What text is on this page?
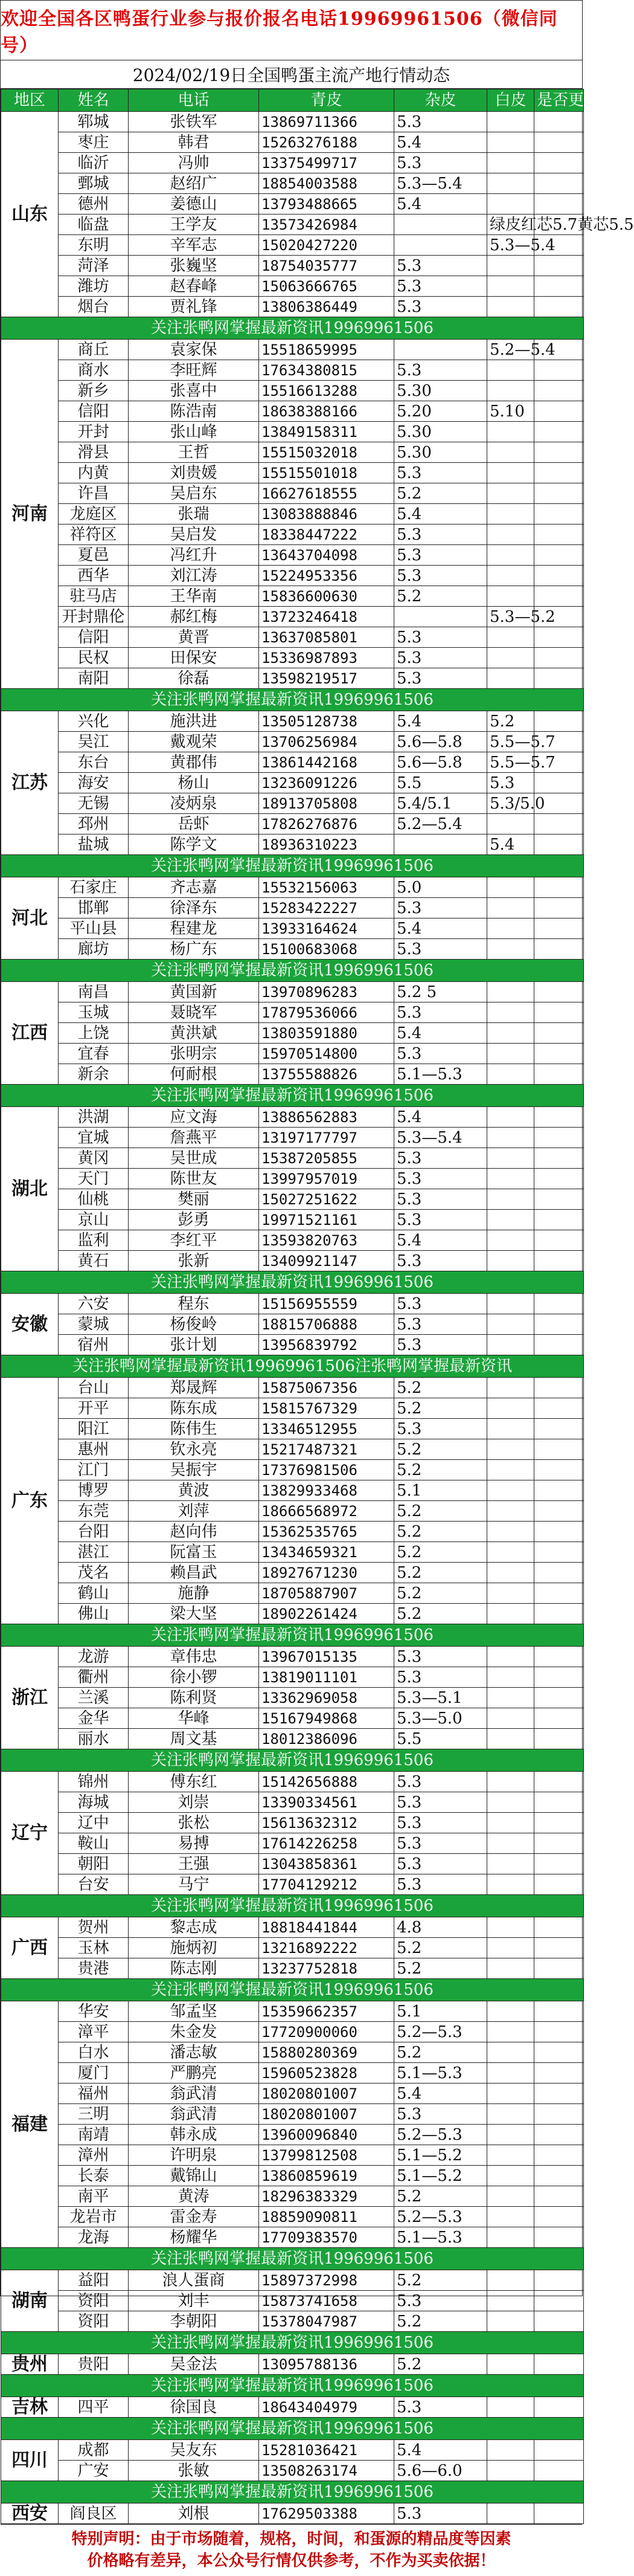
欢迎全国各区鸭蛋行业参与报价报名电话19969961506（微信同号）
2024/02/19日全国鸭蛋主流产地行情动态
地区	姓名	电话	青皮	杂皮	白皮	是否更新	
山东	郓城	张铁军	13869711366	5.3			
	枣庄	韩君	15263276188	5.4			
	临沂	冯帅	13375499717	5.3			
	鄄城	赵绍广	18854003588	5.3—5.4			
	德州	姜德山	13793488665	5.4			
	临盘	王学友	13573426984		绿皮红芯5.7黄芯5.5		
	东明	辛军志	15020427220		5.3—5.4		
	菏泽	张巍坚	18754035777	5.3			
	潍坊	赵春峰	15063666765	5.3			
	烟台	贾礼锋	13806386449	5.3			
关注张鸭网掌握最新资讯19969961506							
河南	商丘	袁家保	15518659995		5.2—5.4		
	商水	李旺辉	17634380815	5.3			
	新乡	张喜中	15516613288	5.30			
	信阳	陈浩南	18638388166	5.20	5.10		
	开封	张山峰	13849158311	5.30			
	滑县	王哲	15515032018	5.30			
	内黄	刘贵媛	15515501018	5.3			
	许昌	吴启东	16627618555	5.2			
	龙庭区	张瑞	13083888846	5.4			
	祥符区	吴启发	18338447222	5.3			
	夏邑	冯红升	13643704098	5.3			
	西华	刘江涛	15224953356	5.3			
	驻马店	王华南	15836600630	5.2			
	开封鼎伦	郝红梅	13723246418		5.3—5.2		
	信阳	黄晋	13637085801	5.3			
	民权	田保安	15336987893	5.3			
	南阳	徐磊	13598219517	5.3			
关注张鸭网掌握最新资讯19969961506							
江苏	兴化	施洪进	13505128738	5.4	5.2		
	吴江	戴观荣	13706256984	5.6—5.8	5.5—5.7		
	东台	黄郡伟	13861442168	5.6—5.8	5.5—5.7		
	海安	杨山	13236091226	5.5	5.3		
	无锡	凌炳泉	18913705808	5.4/5.1	5.3/5.0		
	邳州	岳虾	17826276876	5.2—5.4			
	盐城	陈学文	18936310223		5.4		
关注张鸭网掌握最新资讯19969961506							
河北	石家庄	齐志嘉	15532156063	5.0			
	邯郸	徐泽东	15283422227	5.3			
	平山县	程建龙	13933164624	5.4			
	廊坊	杨广东	15100683068	5.3			
关注张鸭网掌握最新资讯19969961506							
江西	南昌	黄国新	13970896283	5.2 5			
	玉城	聂晓军	17879536066	5.3			
	上饶	黄洪斌	13803591880	5.4			
	宜春	张明宗	15970514800	5.3			
	新余	何耐根	13755588826	5.1—5.3			
关注张鸭网掌握最新资讯19969961506							
湖北	洪湖	应文海	13886562883	5.4			
	宜城	詹燕平	13197177797	5.3—5.4			
	黄冈	吴世成	15387205855	5.3			
	天门	陈世友	13997957019	5.3			
	仙桃	樊丽	15027251622	5.3			
	京山	彭勇	19971521161	5.3			
	监利	李红平	13593820763	5.4			
	黄石	张新	13409921147	5.3			
关注张鸭网掌握最新资讯19969961506							
安徽	六安	程东	15156955559	5.3			
	蒙城	杨俊岭	18815706888	5.3			
	宿州	张计划	13956839792	5.3			
关注张鸭网掌握最新资讯19969961506注张鸭网掌握最新资讯							
广东	台山	郑晟辉	15875067356	5.2			
	开平	陈东成	15815767329	5.2			
	阳江	陈伟生	13346512955	5.3			
	惠州	钦永亮	15217487321	5.2			
	江门	吴振宇	17376981506	5.2			
	博罗	黄波	13829933468	5.1			
	东莞	刘萍	18666568972	5.2			
	台阳	赵向伟	15362535765	5.2			
	湛江	阮富玉	13434659321	5.2			
	茂名	赖昌武	18927671230	5.2			
	鹤山	施静	18705887907	5.2			
	佛山	梁大坚	18902261424	5.2			
关注张鸭网掌握最新资讯19969961506							
浙江	龙游	章伟忠	13967015135	5.3			
	衢州	徐小锣	13819011101	5.3			
	兰溪	陈利贤	13362969058	5.3—5.1			
	金华	华峰	15167949868	5.3—5.0			
	丽水	周文基	18012386096	5.5			
关注张鸭网掌握最新资讯19969961506							
辽宁	锦州	傅东红	15142656888	5.3			
	海城	刘崇	13390334561	5.3			
	辽中	张松	15613632312	5.3			
	鞍山	易搏	17614226258	5.3			
	朝阳	王强	13043858361	5.3			
	台安	马宁	17704129212	5.3			
关注张鸭网掌握最新资讯19969961506							
广西	贺州	黎志成	18818441844	4.8			
	玉林	施炳初	13216892222	5.2			
	贵港	陈志刚	13237752818	5.2			
关注张鸭网掌握最新资讯19969961506							
福建	华安	邹孟坚	15359662357	5.1			
	漳平	朱金发	17720900060	5.2—5.3			
	白水	潘志敏	15880280369	5.2			
	厦门	严鹏亮	15960523828	5.1—5.3			
	福州	翁武清	18020801007	5.4			
	三明	翁武清	18020801007	5.3			
	南靖	韩永成	13960096840	5.2—5.3			
	漳州	许明泉	13799812508	5.1—5.2			
	长泰	戴锦山	13860859619	5.1—5.2			
	南平	黄涛	18296383329	5.2			
	龙岩市	雷金寿	18859090811	5.2—5.3			
	龙海	杨耀华	17709383570	5.1—5.3			
关注张鸭网掌握最新资讯19969961506							
湖南	益阳	浪人蛋商	15897372998	5.2			
	资阳	刘丰	15873741658	5.3			
	资阳	李朝阳	15378047987	5.2			
关注张鸭网掌握最新资讯19969961506							
贵州	贵阳	吴金法	13095788136	5.2			
关注张鸭网掌握最新资讯19969961506							
吉林	四平	徐国良	18643404979	5.3			
关注张鸭网掌握最新资讯19969961506							
四川	成都	吴友东	15281036421	5.4			
	广安	张敏	13508263174	5.6—6.0			
关注张鸭网掌握最新资讯19969961506							
西安	阎良区	刘根	17629503388	5.3			
特别声明：由于市场随着，规格，时间，和蛋源的精品度等因素
价格略有差异，本公众号行情仅供参考，不作为买卖依据！
